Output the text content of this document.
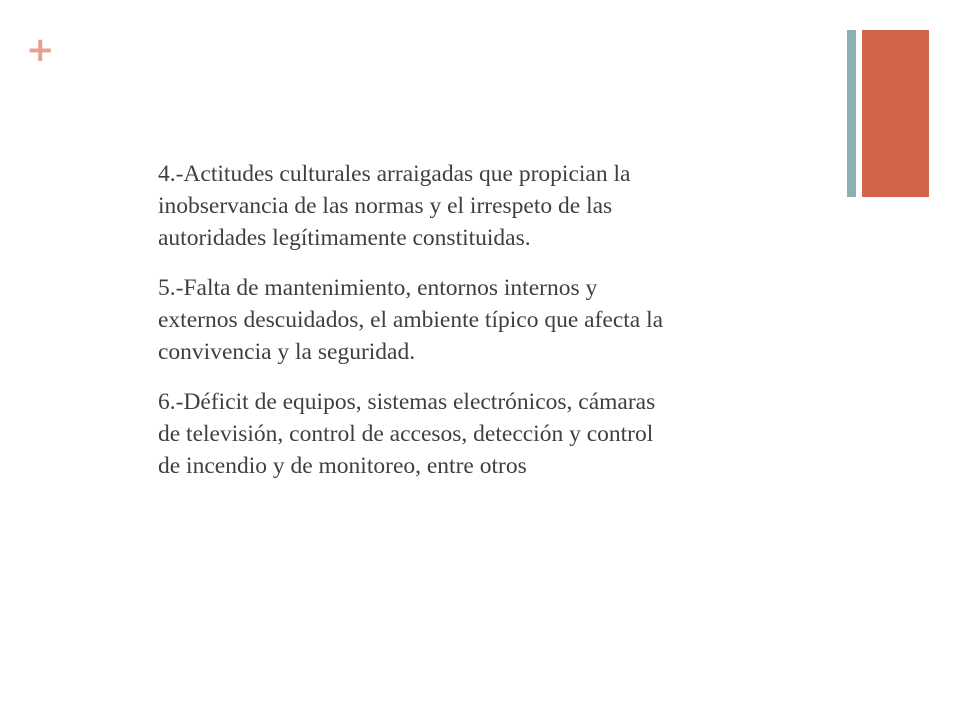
+
4.-Actitudes culturales arraigadas que propician la
inobservancia de las normas y el irrespeto de las
autoridades legítimamente constituidas.
5.-Falta de mantenimiento, entornos internos y
externos descuidados, el ambiente típico que afecta la
convivencia y la seguridad.
6.-Déficit de equipos, sistemas electrónicos, cámaras
de televisión, control de accesos, detección y control
de incendio y de monitoreo, entre otros
